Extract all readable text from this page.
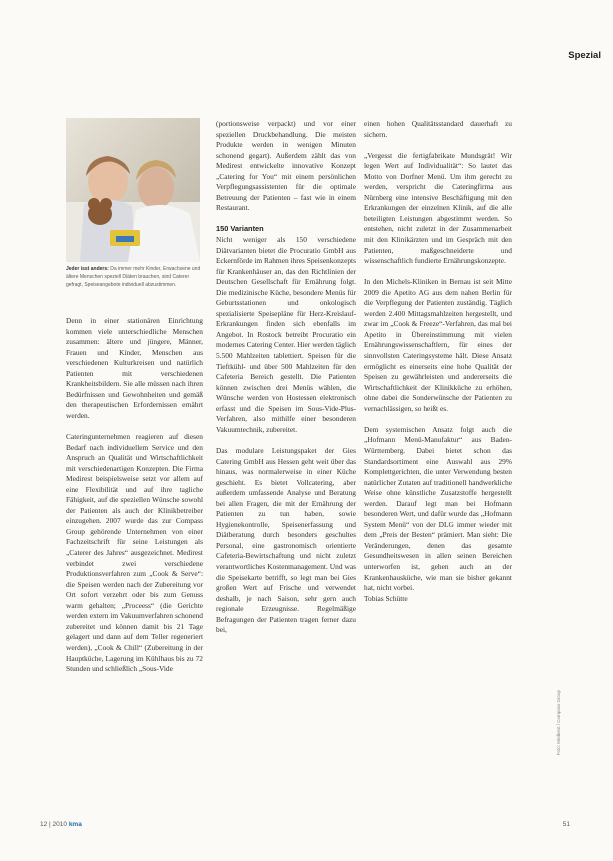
Spezial
Jeder isst anders: Da immer mehr Kinder, Erwachsene und ältere Menschen speziell Diäten brauchen, sind Caterer gefragt, Speiseangebote individuell abzustimmen.

Denn in einer stationären Einrichtung kommen viele unterschiedliche Menschen zusammen: ältere und jüngere, Männer, Frauen und Kinder, Menschen aus verschiedenen Kulturkreisen und natürlich Patienten mit verschiedenen Krankheitsbildern. Sie alle müssen nach ihren Bedürfnissen und Gewohnheiten und gemäß den therapeutischen Erfordernissen ernährt werden.

Cateringunternehmen reagieren auf diesen Bedarf nach individuellem Service und den Anspruch an Qualität und Wirtschaftlichkeit mit verschiedenartigen Konzepten. Die Firma Medirest beispielsweise setzt vor allem auf eine Flexibilität und auf ihre tagliche Fähigkeit, auf die speziellen Wünsche sowohl der Patienten als auch der Klinikbetreiber einzugehen. 2007 wurde das zur Compass Group gehörende Unternehmen von einer Fachzeitschrift für seine Leistungen als „Caterer des Jahres“ ausgezeichnet. Medirest verbindet zwei verschiedene Produktionsverfahren zum „Cook & Serve“: die Speisen werden nach der Zubereitung vor Ort sofort verzehrt oder bis zum Genuss warm gehalten; „Proceess“ (die Gerichte werden extern im Vakuumverfahren schonend zubereitet und können damit bis 21 Tage gelagert und dann auf dem Teller regeneriert werden), „Cook & Chill“ (Zubereitung in der Hauptküche, Lagerung im Kühlhaus bis zu 72 Stunden und schließlich „Sous-Vide

(portionsweise verpackt) und vor einer speziellen Druckbehandlung. Die meisten Produkte werden in wenigen Minuten schonend gegart). Außerdem zählt das von Medirest entwickelte innovative Konzept „Catering for You“ mit einem persönlichen Verpflegungsassistenten für die optimale Betreuung der Patienten – fast wie in einem Restaurant.

150 Varianten

Nicht weniger als 150 verschiedene Diätvarianten bietet die Procuratio GmbH aus Eckernförde im Rahmen ihres Speisenkonzepts für Krankenhäuser an, das den Richtlinien der Deutschen Gesellschaft für Ernährung folgt. Die medizinische Küche, besondere Menüs für Geburtsstationen und onkologisch spezialisierte Speisepläne für Herz-Kreislauf-Erkrankungen finden sich ebenfalls im Angebot. In Rostock betreibt Procuratio ein modernes Catering Center. Hier werden täglich 5.500 Mahlzeiten tablettiert. Speisen für die Tieftkühl- und über 500 Mahlzeiten für den Cafeteria Bereich gestellt. Die Patienten können zwischen drei Menüs wählen, die Wünsche werden von Hostessen elektronisch erfasst und die Speisen im Sous-Vide-Plus-Verfahren, also mithilfe einer besonderen Vakuumtechnik, zubereitet.

Das modulare Leistungspaket der Gies Catering GmbH aus Hessen geht weit über das hinaus, was normalerweise in einer Küche geschieht. Es bietet Vollcatering, aber außerdem umfassende Analyse und Beratung bei allen Fragen, die mit der Ernährung der Patienten zu tun haben, sowie Hygienekontrolle, Speisenerfassung und Diätberatung durch besonders geschultes Personal, eine gastronomisch orientierte Cafeteria-Bewirtschaftung und nicht zuletzt verantwortliches Kostenmanagement. Und was die Speisekarte betrifft, so legt man bei Gies großen Wert auf Frische und verwendet deshalb, je nach Saison, sehr gern auch regionale Erzeugnisse. Regelmäßige Befragungen der Patienten tragen ferner dazu bei,

einen hohen Qualitätsstandard dauerhaft zu sichern.

„Vergesst die fertigfabrikate Mundsgrät! Wir legen Wert auf Individualität“: So lautet das Motto von Dorfner Menü. Um ihm gerecht zu werden, verspricht die Cateringfirma aus Nürnberg eine intensive Beschäftigung mit den Erkrankungen der einzelnen Klinik, auf die alle beteiligten Leistungen abgestimmt werden. So entstehen, nicht zuletzt in der Zusammenarbeit mit den Klinikärzten und im Gespräch mit den Patienten, maßgeschneiderte und wissenschaftlich fundierte Ernährungskonzepte.

In den Michels-Kliniken in Bernau ist seit Mitte 2009 die Apetito AG aus dem nahen Berlin für die Verpflegung der Patienten zuständig. Täglich werden 2.400 Mittagsmahlzeiten hergestellt, und zwar im „Cook & Freeze“-Verfahren, das mal bei Apetito in Übereinstimmung mit vielen Ernährungswissenschaftlern, für eines der sinnvollsten Cateringsysteme hält. Diese Ansatz ermöglicht es einerseits eine hohe Qualität der Speisen zu gewährleisten und andererseits die Wirtschaftlichkeit der Klinikküche zu erhöhen, ohne dabei die Sonderwünsche der Patienten zu vernachlässigen, so heißt es.

Dem systemischen Ansatz folgt auch die „Hofmann Menü-Manufaktur“ aus Baden-Württemberg. Dabei bietet schon das Standardsortiment eine Auswahl aus 29% Komplettgerichten, die unter Verwendung besten natürlicher Zutaten auf traditionell handwerkliche Weise ohne künstliche Zusatzstoffe hergestellt werden. Darauf legt man bei Hofmann besonderen Wert, und dafür wurde das „Hofmann System Menü“ von der DLG immer wieder mit dem „Preis der Besten“ prämiert. Man sieht: Die Veränderungen, denen das gesamte Gesundheitswesen in allen seinen Bereichen unterworfen ist, gehen auch an der Krankenhausküche, wie man sie bisher gekannt hat, nicht vorbei.

Tobias Schütte

Foto: Medirest / Compass Group
12 | 2010 kma	51
